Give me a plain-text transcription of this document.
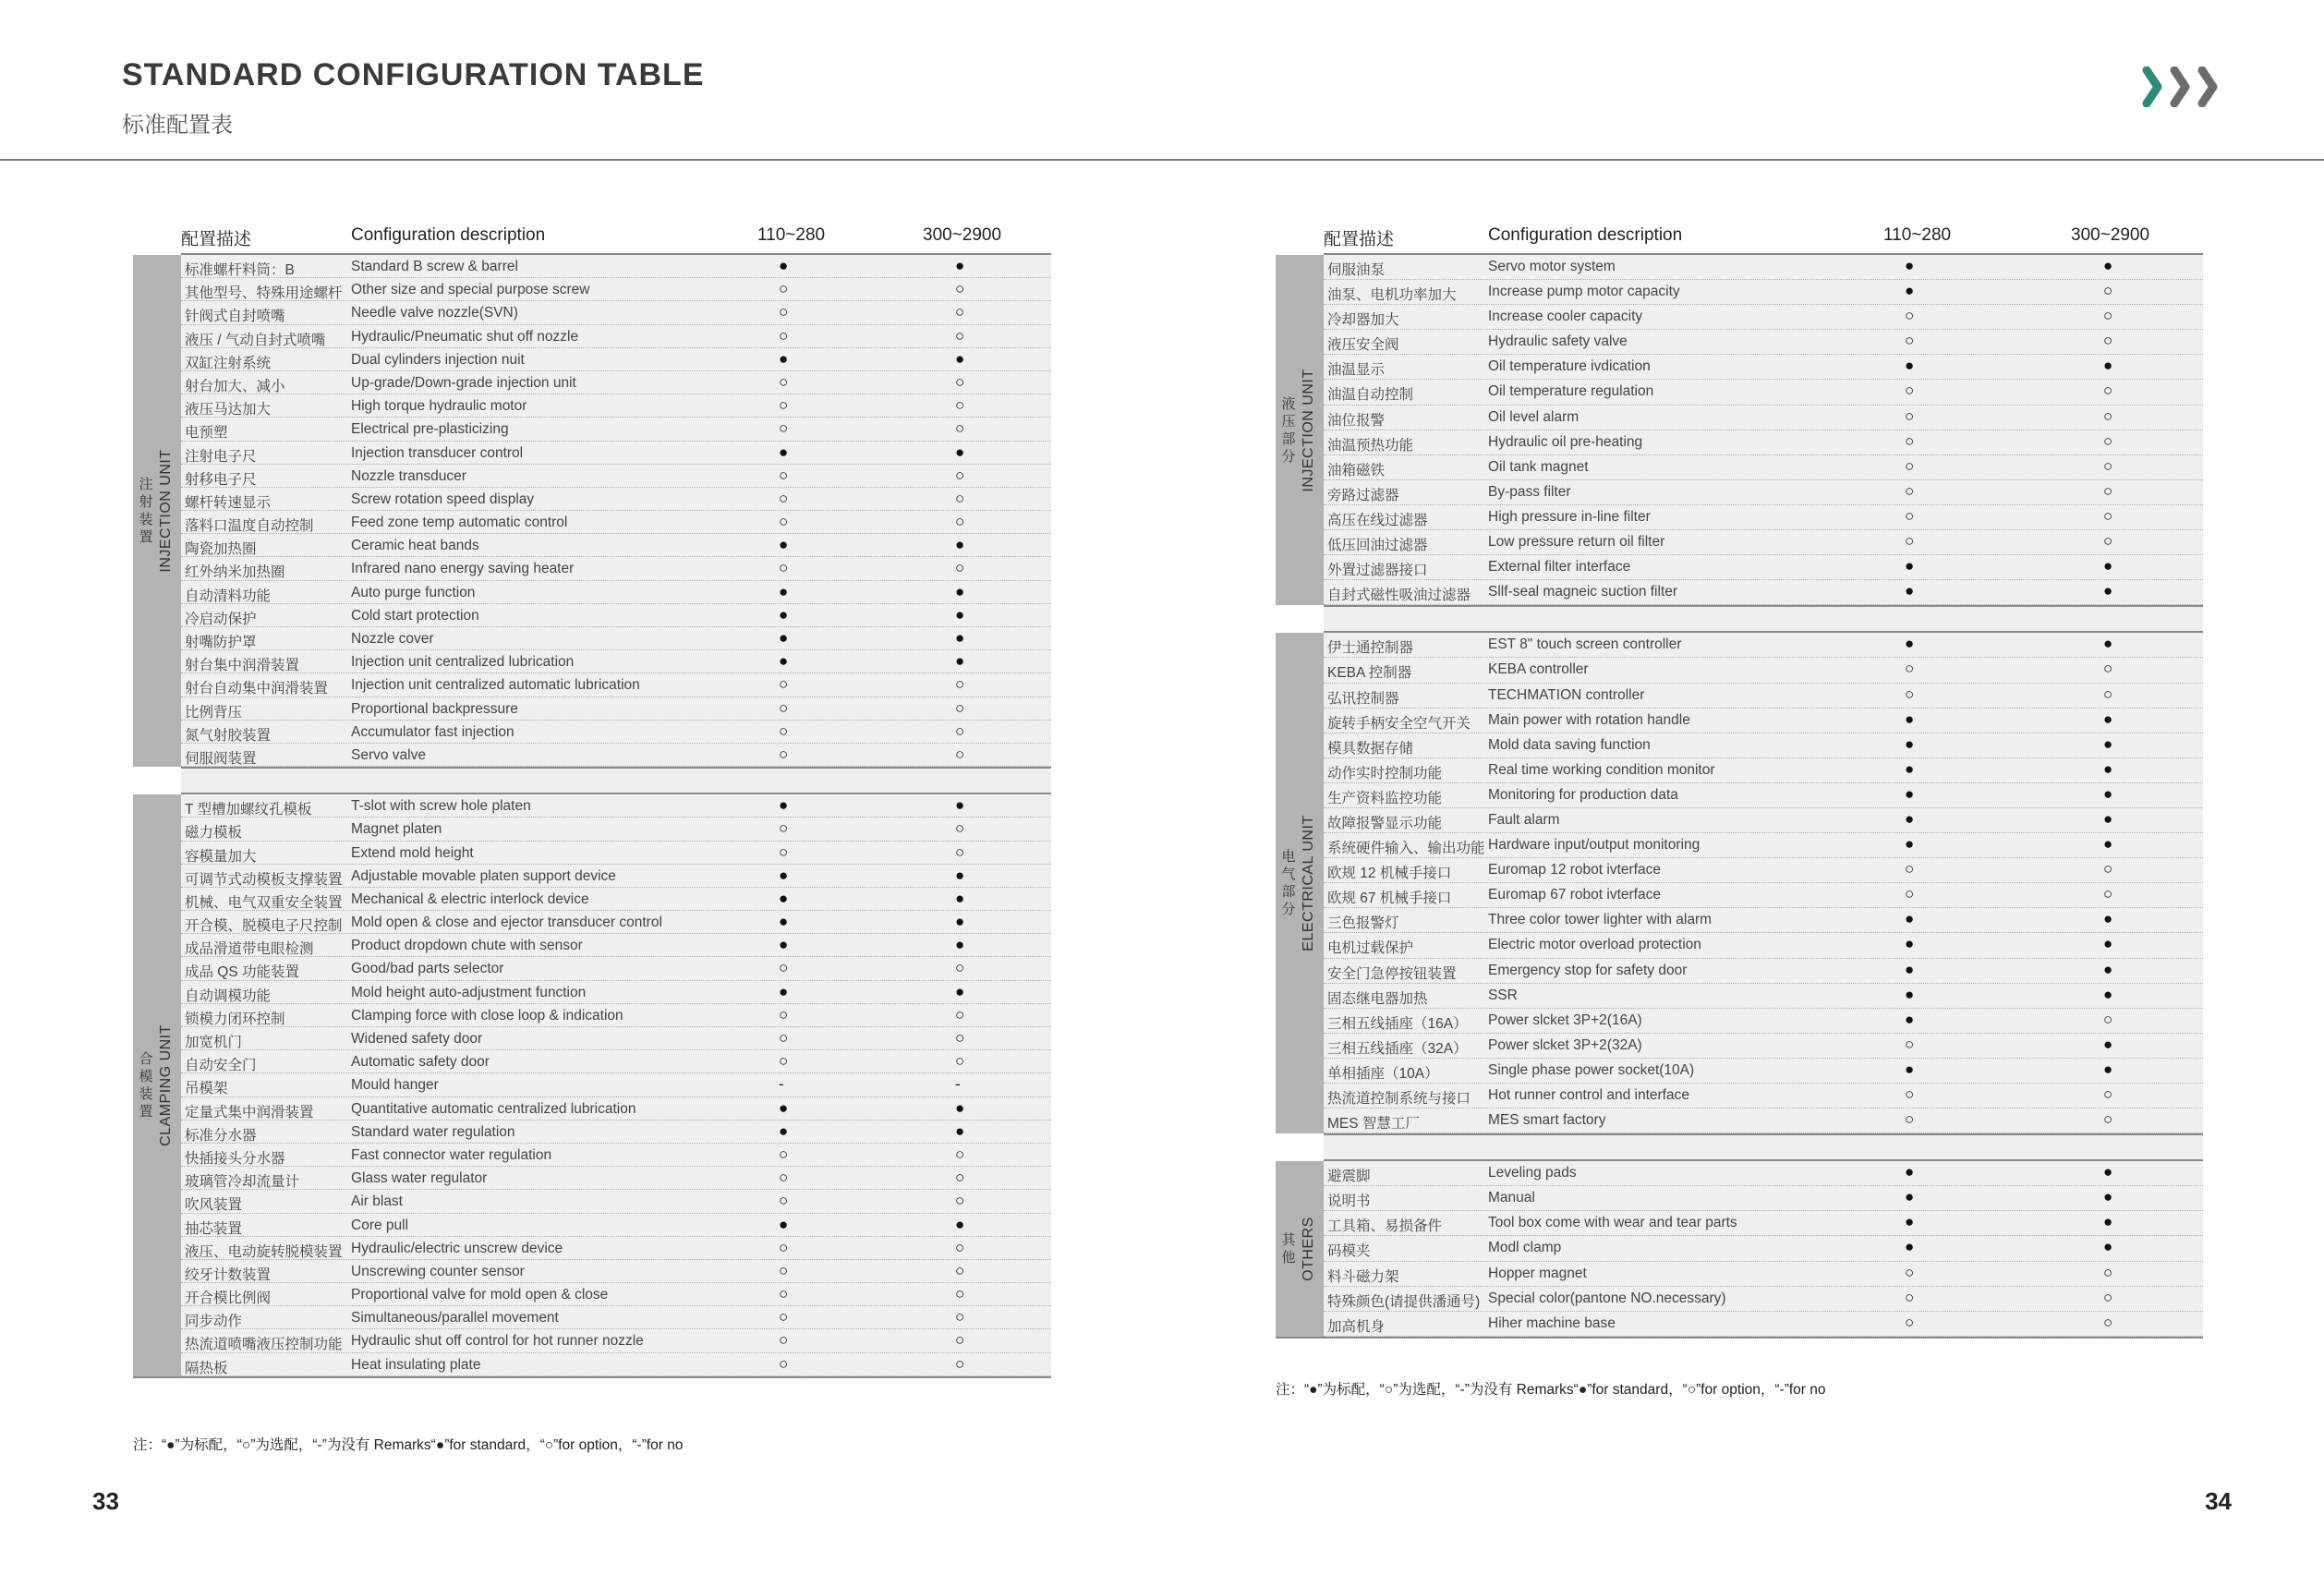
STANDARD CONFIGURATION TABLE
标准配置表
配置描述	Configuration description	110~280	300~2900
注
射
装
置 INJECTION UNIT
标准螺杆料筒：B	Standard B screw & barrel	●	●
其他型号、特殊用途螺杆 Other size and special purpose screw	○	○
针阀式自封喷嘴	Needle valve nozzle(SVN)	○	○
液压 / 气动自封式喷嘴 Hydraulic/Pneumatic shut off nozzle	○	○
双缸注射系统	Dual cylinders injection nuit	●	●
射台加大、减小	Up-grade/Down-grade injection unit	○	○
液压马达加大	High torque hydraulic motor	○	○
电预塑	Electrical pre-plasticizing	○	○
注射电子尺	Injection transducer control	●	●
射移电子尺	Nozzle transducer	○	○
螺杆转速显示	Screw rotation speed display	○	○
落料口温度自动控制	Feed zone temp automatic control	○	○
陶瓷加热圈	Ceramic heat bands	●	●
红外纳米加热圈	Infrared nano energy saving heater	○	○
自动清料功能	Auto purge function	●	●
冷启动保护	Cold start protection	●	●
射嘴防护罩	Nozzle cover	●	●
射台集中润滑装置	Injection unit centralized lubrication	●	●
射台自动集中润滑装置 Injection unit centralized automatic lubrication	○	○
比例背压	Proportional backpressure	○	○
氮气射胶装置	Accumulator fast injection	○	○
伺服阀装置	Servo valve	○	○
合
模
装
置 CLAMPING UNIT
T 型槽加螺纹孔模板	T-slot with screw hole platen	●	●
磁力模板	Magnet platen	○	○
容模量加大	Extend mold height	○	○
可调节式动模板支撑装置 Adjustable movable platen support device	●	●
机械、电气双重安全装置 Mechanical & electric interlock device	●	●
开合模、脱模电子尺控制 Mold open & close and ejector transducer control	●	●
成品滑道带电眼检测	Product dropdown chute with sensor	●	●
成品 QS 功能装置	Good/bad parts selector	○	○
自动调模功能	Mold height auto-adjustment function	●	●
锁模力闭环控制	Clamping force with close loop & indication	○	○
加宽机门	Widened safety door	○	○
自动安全门	Automatic safety door	○	○
吊模架	Mould hanger	-	-
定量式集中润滑装置	Quantitative automatic centralized lubrication	●	●
标准分水器	Standard water regulation	●	●
快插接头分水器	Fast connector water regulation	○	○
玻璃管冷却流量计	Glass water regulator	○	○
吹风装置	Air blast	○	○
抽芯装置	Core pull	●	●
液压、电动旋转脱模装置 Hydraulic/electric unscrew device	○	○
绞牙计数装置	Unscrewing counter sensor	○	○
开合模比例阀	Proportional valve for mold open & close	○	○
同步动作	Simultaneous/parallel movement	○	○
热流道喷嘴液压控制功能 Hydraulic shut off control for hot runner nozzle	○	○
隔热板	Heat insulating plate	○	○
配置描述	Configuration description	110~280	300~2900
液
压
部
分 INJECTION UNIT
伺服油泵	Servo motor system	●	●
油泵、电机功率加大 Increase pump motor capacity	●	○
冷却器加大	Increase cooler capacity	○	○
液压安全阀	Hydraulic safety valve	○	○
油温显示	Oil temperature ivdication	●	●
油温自动控制	Oil temperature regulation	○	○
油位报警	Oil level alarm	○	○
油温预热功能	Hydraulic oil pre-heating	○	○
油箱磁铁	Oil tank magnet	○	○
旁路过滤器	By-pass filter	○	○
高压在线过滤器	High pressure in-line filter	○	○
低压回油过滤器	Low pressure return oil filter	○	○
外置过滤器接口	External filter interface	●	●
自封式磁性吸油过滤器 Sllf-seal magneic suction filter	●	●
电
气
部
分 ELECTRICAL UNIT
伊士通控制器	EST 8" touch screen controller	●	●
KEBA 控制器	KEBA controller	○	○
弘讯控制器	TECHMATION controller	○	○
旋转手柄安全空气开关 Main power with rotation handle	●	●
模具数据存储	Mold data saving function	●	●
动作实时控制功能	Real time working condition monitor	●	●
生产资料监控功能	Monitoring for production data	●	●
故障报警显示功能	Fault alarm	●	●
系统硬件输入、输出功能 Hardware input/output monitoring	●	●
欧规 12 机械手接口	Euromap 12 robot ivterface	○	○
欧规 67 机械手接口	Euromap 67 robot ivterface	○	○
三色报警灯	Three color tower lighter with alarm	●	●
电机过载保护	Electric motor overload protection	●	●
安全门急停按钮装置 Emergency stop for safety door	●	●
固态继电器加热	SSR	●	●
三相五线插座（16A） Power slcket 3P+2(16A)	●	○
三相五线插座（32A） Power slcket 3P+2(32A)	○	●
单相插座（10A）	Single phase power socket(10A)	●	●
热流道控制系统与接口 Hot runner control and interface	○	○
MES 智慧工厂	MES smart factory	○	○
其
他 OTHERS
避震脚	Leveling pads	●	●
说明书	Manual	●	●
工具箱、易损备件	Tool box come with wear and tear parts	●	●
码模夹	Modl clamp	●	●
料斗磁力架	Hopper magnet	○	○
特殊颜色(请提供潘通号) Special color(pantone NO.necessary)	○	○
加高机身	Hiher machine base	○	○
注：“●”为标配，“○”为选配，“-”为没有 Remarks“●”for standard，“○”for option，“-”for no
注：“●”为标配，“○”为选配，“-”为没有 Remarks“●”for standard，“○”for option，“-”for no
33	34
